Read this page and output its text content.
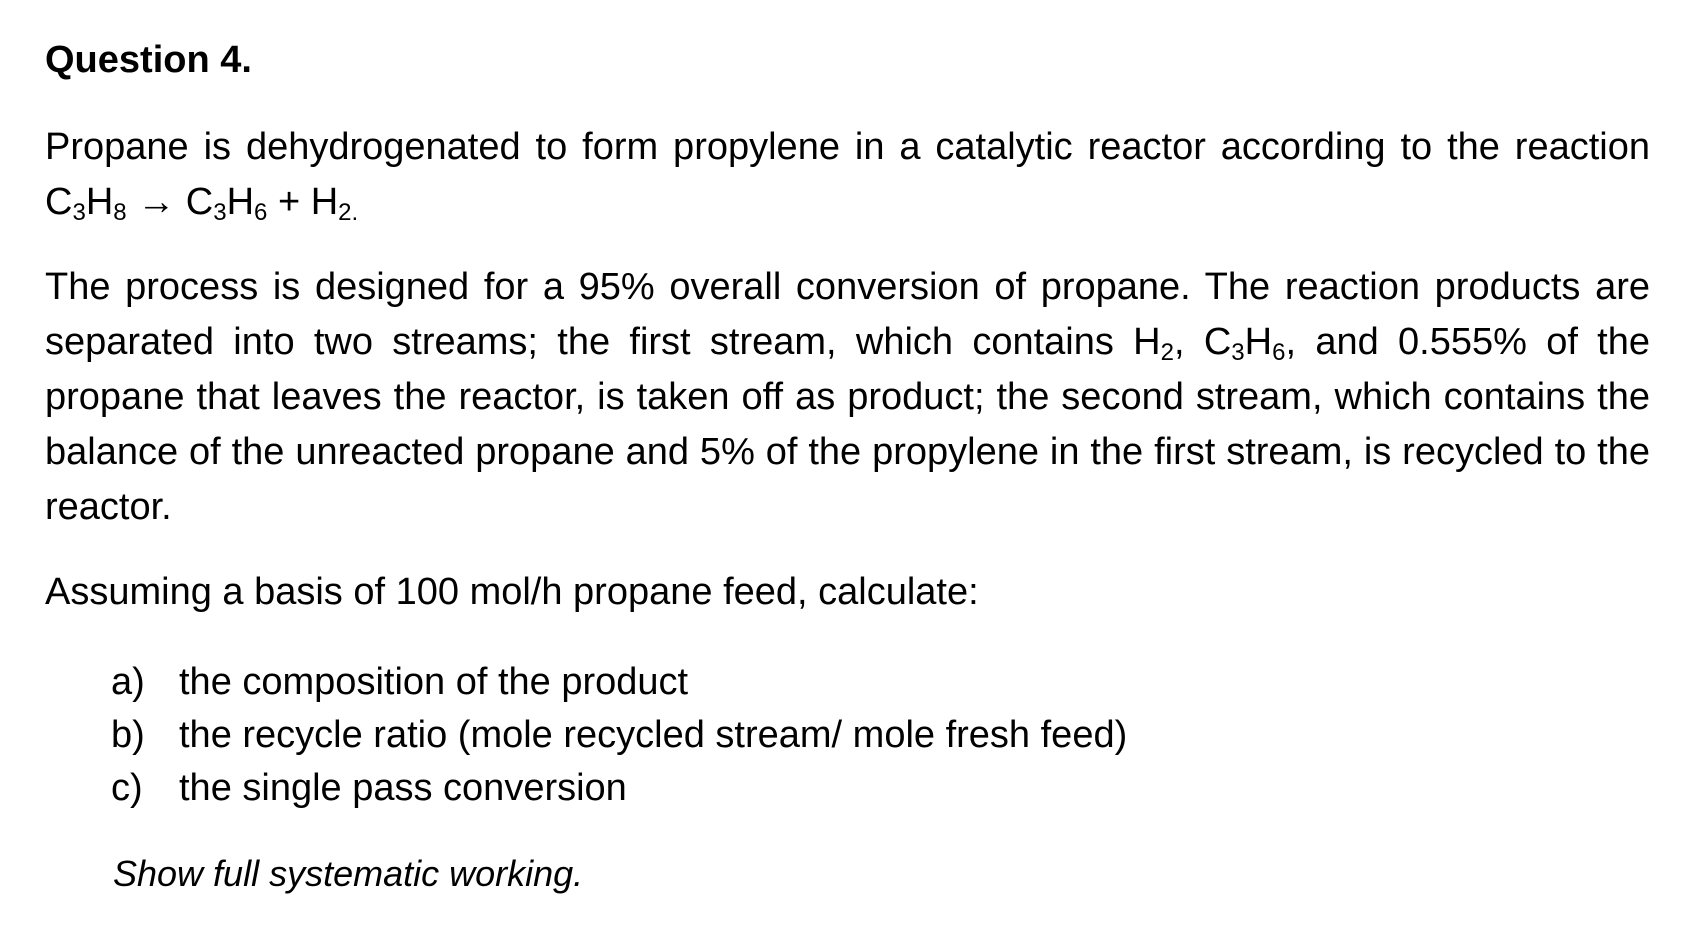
Question 4.

Propane is dehydrogenated to form propylene in a catalytic reactor according to the reaction $C_3H_8 \to C_3H_6 + H_{2.}$

The process is designed for a 95% overall conversion of propane. The reaction products are separated into two streams; the first stream, which contains $H_2$, $C_3H_6$, and 0.555% of the propane that leaves the reactor, is taken off as product; the second stream, which contains the balance of the unreacted propane and 5% of the propylene in the first stream, is recycled to the reactor.

Assuming a basis of 100 mol/h propane feed, calculate:

a) the composition of the product
b) the recycle ratio (mole recycled stream/ mole fresh feed)
c) the single pass conversion

Show full systematic working.
